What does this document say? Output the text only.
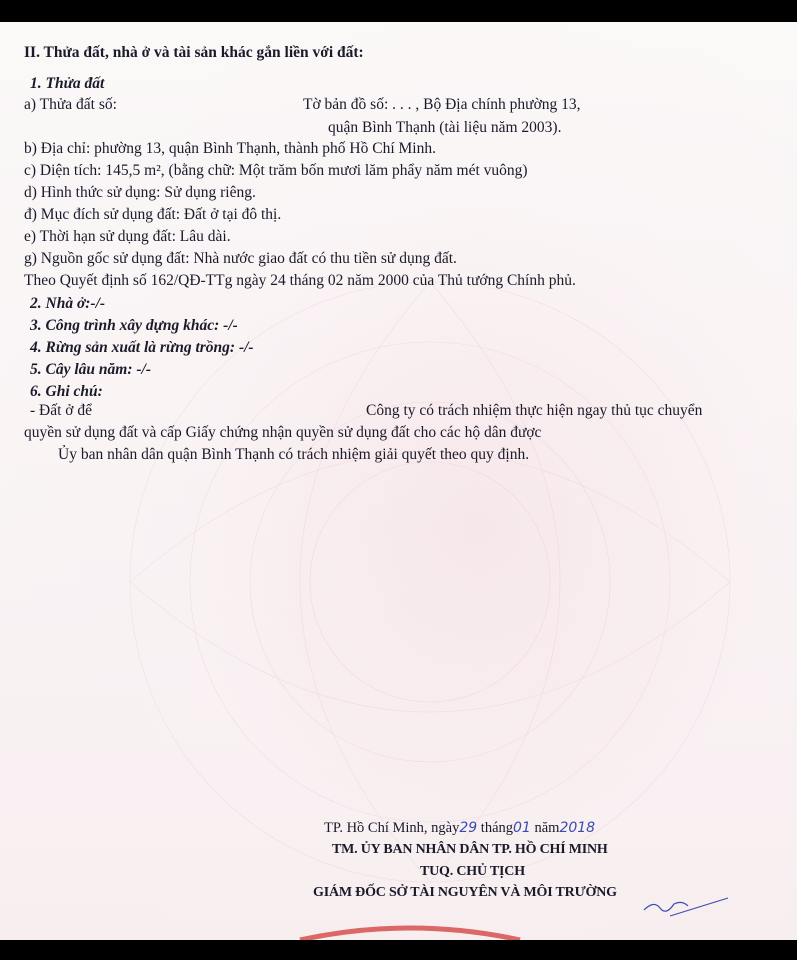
II. Thửa đất, nhà ở và tài sản khác gắn liền với đất:
1. Thửa đất
a) Thửa đất số:	Tờ bản đồ số: . . . , Bộ Địa chính phường 13,
quận Bình Thạnh (tài liệu năm 2003).
b) Địa chỉ: phường 13, quận Bình Thạnh, thành phố Hồ Chí Minh.
c) Diện tích: 145,5 m², (bằng chữ: Một trăm bốn mươi lăm phẩy năm mét vuông)
d) Hình thức sử dụng: Sử dụng riêng.
đ) Mục đích sử dụng đất: Đất ở tại đô thị.
e) Thời hạn sử dụng đất: Lâu dài.
g) Nguồn gốc sử dụng đất: Nhà nước giao đất có thu tiền sử dụng đất.
Theo Quyết định số 162/QĐ-TTg ngày 24 tháng 02 năm 2000 của Thủ tướng Chính phủ.
2. Nhà ở:-/-
3. Công trình xây dựng khác: -/-
4. Rừng sản xuất là rừng trồng: -/-
5. Cây lâu năm: -/-
6. Ghi chú:
- Đất ở để	Công ty có trách nhiệm thực hiện ngay thủ tục chuyển
quyền sử dụng đất và cấp Giấy chứng nhận quyền sử dụng đất cho các hộ dân được
Ủy ban nhân dân quận Bình Thạnh có trách nhiệm giải quyết theo quy định.
TP. Hồ Chí Minh, ngày29 tháng01 năm2018
TM. ỦY BAN NHÂN DÂN TP. HỒ CHÍ MINH
TUQ. CHỦ TỊCH
GIÁM ĐỐC SỞ TÀI NGUYÊN VÀ MÔI TRƯỜNG
